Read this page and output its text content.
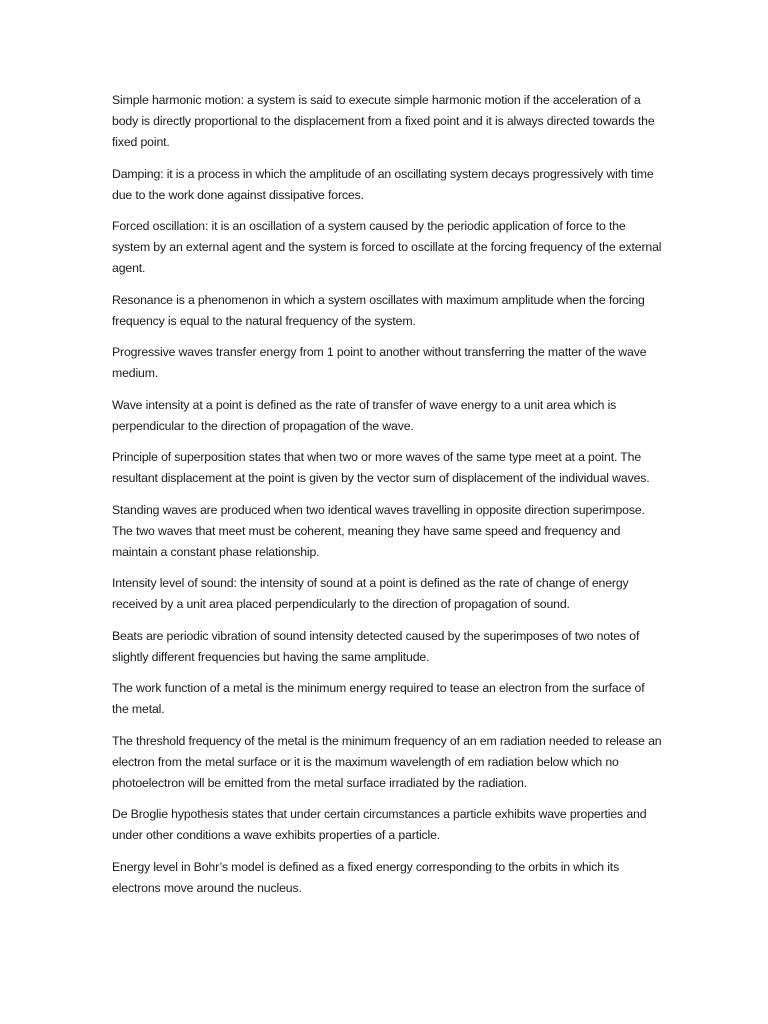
Simple harmonic motion: a system is said to execute simple harmonic motion if the acceleration of a body is directly proportional to the displacement from a fixed point and it is always directed towards the fixed point.

Damping: it is a process in which the amplitude of an oscillating system decays progressively with time due to the work done against dissipative forces.

Forced oscillation: it is an oscillation of a system caused by the periodic application of force to the system by an external agent and the system is forced to oscillate at the forcing frequency of the external agent.

Resonance is a phenomenon in which a system oscillates with maximum amplitude when the forcing frequency is equal to the natural frequency of the system.

Progressive waves transfer energy from 1 point to another without transferring the matter of the wave medium.

Wave intensity at a point is defined as the rate of transfer of wave energy to a unit area which is perpendicular to the direction of propagation of the wave.

Principle of superposition states that when two or more waves of the same type meet at a point. The resultant displacement at the point is given by the vector sum of displacement of the individual waves.

Standing waves are produced when two identical waves travelling in opposite direction superimpose. The two waves that meet must be coherent, meaning they have same speed and frequency and maintain a constant phase relationship.

Intensity level of sound: the intensity of sound at a point is defined as the rate of change of energy received by a unit area placed perpendicularly to the direction of propagation of sound.

Beats are periodic vibration of sound intensity detected caused by the superimposes of two notes of slightly different frequencies but having the same amplitude.

The work function of a metal is the minimum energy required to tease an electron from the surface of the metal.

The threshold frequency of the metal is the minimum frequency of an em radiation needed to release an electron from the metal surface or it is the maximum wavelength of em radiation below which no photoelectron will be emitted from the metal surface irradiated by the radiation.

De Broglie hypothesis states that under certain circumstances a particle exhibits wave properties and under other conditions a wave exhibits properties of a particle.

Energy level in Bohr’s model is defined as a fixed energy corresponding to the orbits in which its electrons move around the nucleus.
